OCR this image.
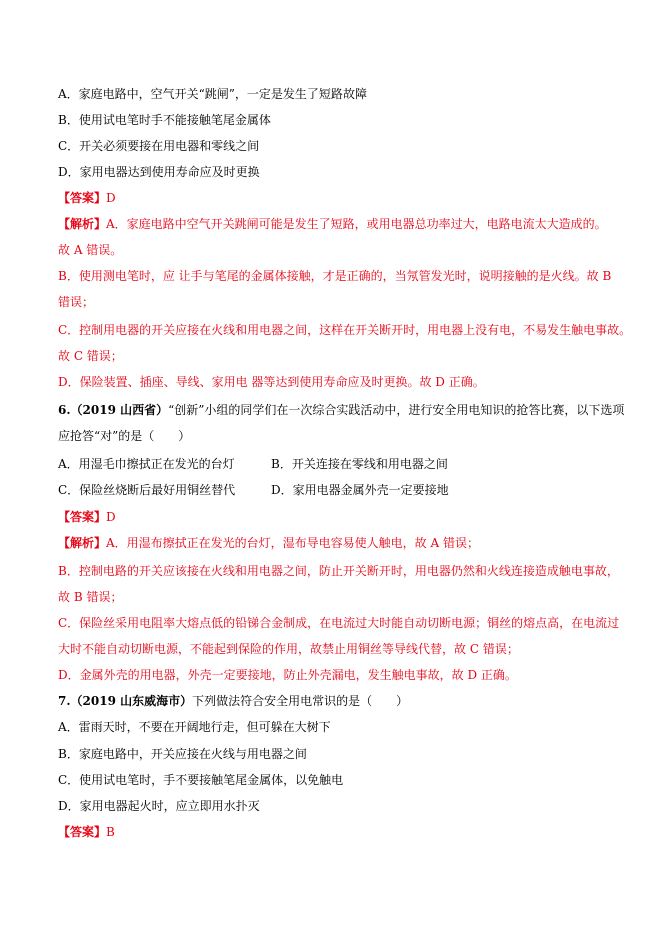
A．家庭电路中，空气开关“跳闸”，一定是发生了短路故障
B．使用试电笔时手不能接触笔尾金属体
C．开关必须要接在用电器和零线之间
D．家用电器达到使用寿命应及时更换
【答案】D
【解析】A．家庭电路中空气开关跳闸可能是发生了短路，或用电器总功率过大，电路电流太大造成的。
故 A 错误。
B．使用测电笔时，应 让手与笔尾的金属体接触，才是正确的，当氖管发光时，说明接触的是火线。故 B
错误；
C．控制用电器的开关应接在火线和用电器之间，这样在开关断开时，用电器上没有电，不易发生触电事故。
故 C 错误；
D．保险装置、插座、导线、家用电 器等达到使用寿命应及时更换。故 D 正确。
6.（2019 山西省）“创新”小组的同学们在一次综合实践活动中，进行安全用电知识的抢答比赛，以下选项
应抢答“对”的是（　　）
A．用湿毛巾擦拭正在发光的台灯	B．开关连接在零线和用电器之间
C．保险丝烧断后最好用铜丝替代	D．家用电器金属外壳一定要接地
【答案】D
【解析】A．用湿布擦拭正在发光的台灯，湿布导电容易使人触电，故 A 错误；
B．控制电路的开关应该接在火线和用电器之间，防止开关断开时，用电器仍然和火线连接造成触电事故，
故 B 错误；
C．保险丝采用电阻率大熔点低的铅锑合金制成，在电流过大时能自动切断电源；铜丝的熔点高，在电流过
大时不能自动切断电源，不能起到保险的作用，故禁止用铜丝等导线代替，故 C 错误；
D．金属外壳的用电器，外壳一定要接地，防止外壳漏电，发生触电事故，故 D 正确。
7.（2019 山东威海市）下列做法符合安全用电常识的是（　　）
A．雷雨天时，不要在开阔地行走，但可躲在大树下
B．家庭电路中，开关应接在火线与用电器之间
C．使用试电笔时，手不要接触笔尾金属体，以免触电
D．家用电器起火时，应立即用水扑灭
【答案】B
